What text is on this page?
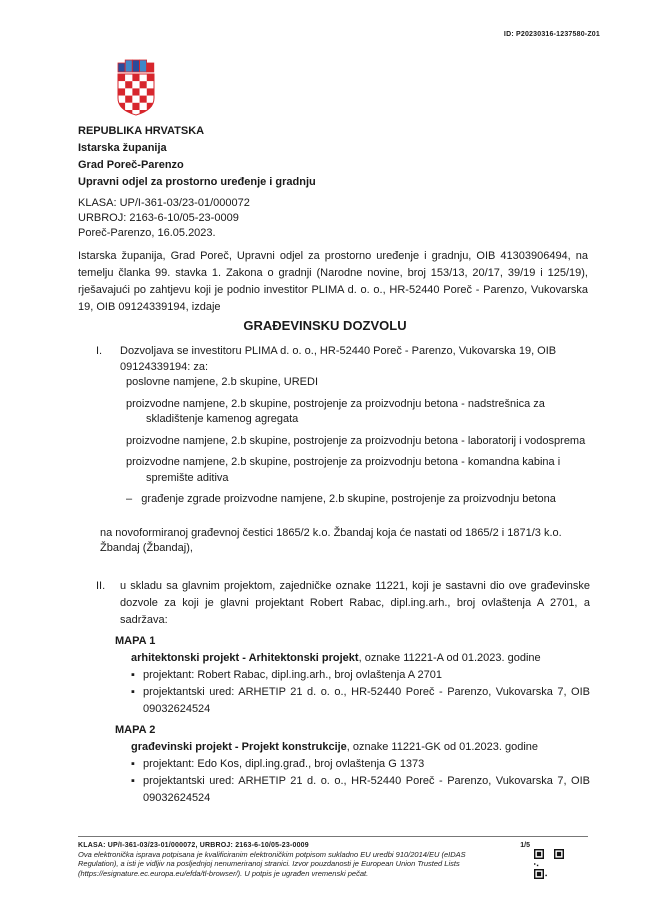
ID: P20230316-1237580-Z01
REPUBLIKA HRVATSKA
Istarska županija
Grad Poreč-Parenzo
Upravni odjel za prostorno uređenje i gradnju
KLASA: UP/I-361-03/23-01/000072
URBROJ: 2163-6-10/05-23-0009
Poreč-Parenzo, 16.05.2023.
Istarska županija, Grad Poreč, Upravni odjel za prostorno uređenje i gradnju, OIB 41303906494, na temelju članka 99. stavka 1. Zakona o gradnji (Narodne novine, broj 153/13, 20/17, 39/19 i 125/19), rješavajući po zahtjevu koji je podnio investitor PLIMA d. o. o., HR-52440 Poreč - Parenzo, Vukovarska 19, OIB 09124339194, izdaje
GRAĐEVINSKU DOZVOLU
I. Dozvoljava se investitoru PLIMA d. o. o., HR-52440 Poreč - Parenzo, Vukovarska 19, OIB 09124339194: za:
poslovne namjene, 2.b skupine, UREDI
proizvodne namjene, 2.b skupine, postrojenje za proizvodnju betona - nadstrešnica za skladištenje kamenog agregata
proizvodne namjene, 2.b skupine, postrojenje za proizvodnju betona - laboratorij i vodosprema
proizvodne namjene, 2.b skupine, postrojenje za proizvodnju betona - komandna kabina i spremište aditiva
– građenje zgrade proizvodne namjene, 2.b skupine, postrojenje za proizvodnju betona
na novoformiranoj građevnoj čestici 1865/2 k.o. Žbandaj koja će nastati od 1865/2 i 1871/3 k.o. Žbandaj (Žbandaj),
II. u skladu sa glavnim projektom, zajedničke oznake 11221, koji je sastavni dio ove građevinske dozvole za koji je glavni projektant Robert Rabac, dipl.ing.arh., broj ovlaštenja A 2701, a sadržava:
MAPA 1
arhitektonski projekt - Arhitektonski projekt, oznake 11221-A od 01.2023. godine
▪ projektant: Robert Rabac, dipl.ing.arh., broj ovlaštenja A 2701
▪ projektantski ured: ARHETIP 21 d. o. o., HR-52440 Poreč - Parenzo, Vukovarska 7, OIB 09032624524
MAPA 2
građevinski projekt - Projekt konstrukcije, oznake 11221-GK od 01.2023. godine
▪ projektant: Edo Kos, dipl.ing.građ., broj ovlaštenja G 1373
▪ projektantski ured: ARHETIP 21 d. o. o., HR-52440 Poreč - Parenzo, Vukovarska 7, OIB 09032624524
KLASA: UP/I-361-03/23-01/000072, URBROJ: 2163-6-10/05-23-0009	1/5
Ova elektronička isprava potpisana je kvalificiranim elektroničkim potpisom sukladno EU uredbi 910/2014/EU (eIDAS Regulation), a isti je vidljiv na posljednjoj nenumeriranoj stranici. Izvor pouzdanosti je European Union Trusted Lists (https://esignature.ec.europa.eu/efda/tl-browser/). U potpis je ugrađen vremenski pečat.
